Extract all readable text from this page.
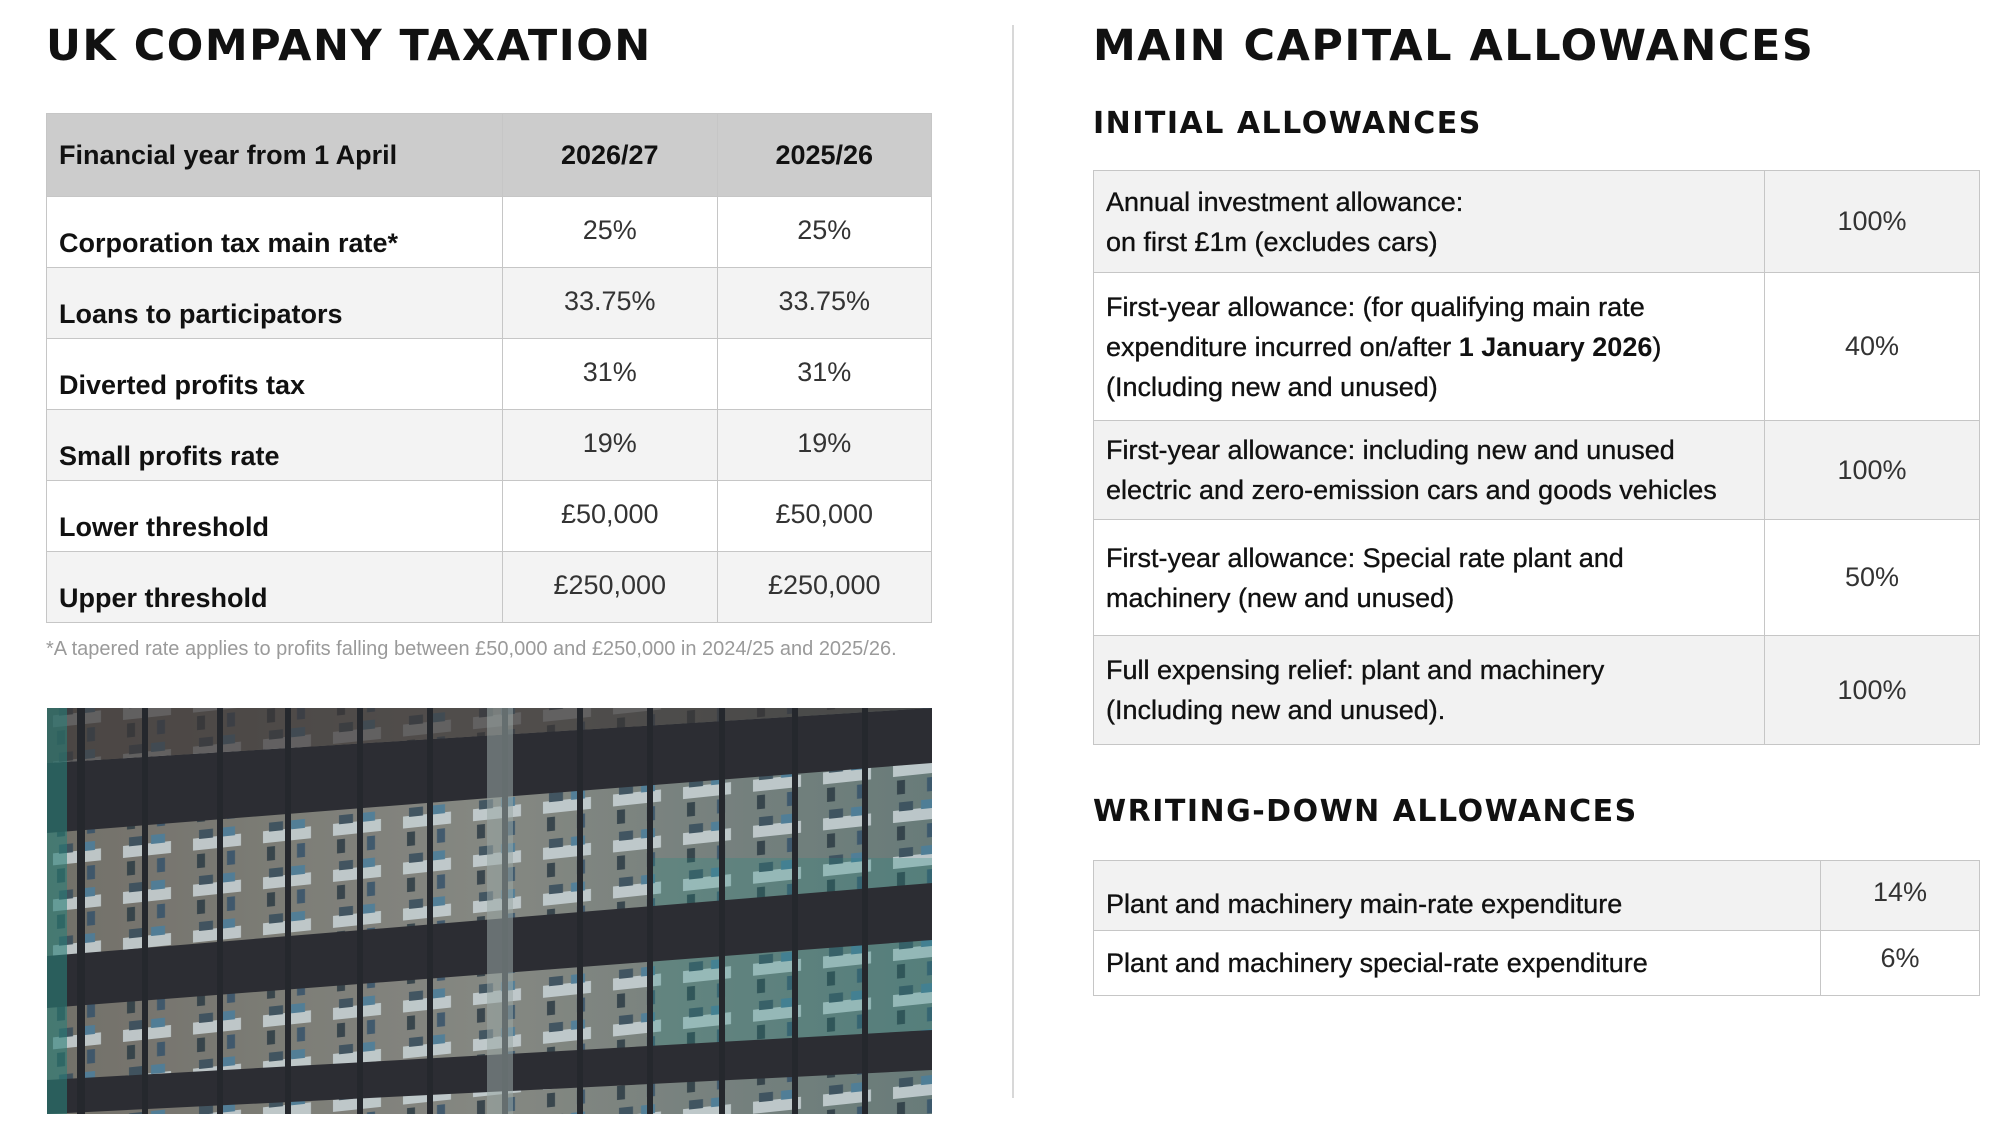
UK COMPANY TAXATION
Financial year from 1 April	2026/27	2025/26
Corporation tax main rate*	25%	25%
Loans to participators	33.75%	33.75%
Diverted profits tax	31%	31%
Small profits rate	19%	19%
Lower threshold	£50,000	£50,000
Upper threshold	£250,000	£250,000
*A tapered rate applies to profits falling between £50,000 and £250,000 in 2024/25 and 2025/26.
MAIN CAPITAL ALLOWANCES
INITIAL ALLOWANCES
Annual investment allowance:
on first £1m (excludes cars)	100%
First-year allowance: (for qualifying main rate expenditure incurred on/after 1 January 2026) (Including new and unused)	40%
First-year allowance: including new and unused electric and zero-emission cars and goods vehicles	100%
First-year allowance: Special rate plant and machinery (new and unused)	50%
Full expensing relief: plant and machinery (Including new and unused).	100%
WRITING-DOWN ALLOWANCES
Plant and machinery main-rate expenditure	14%
Plant and machinery special-rate expenditure	6%
